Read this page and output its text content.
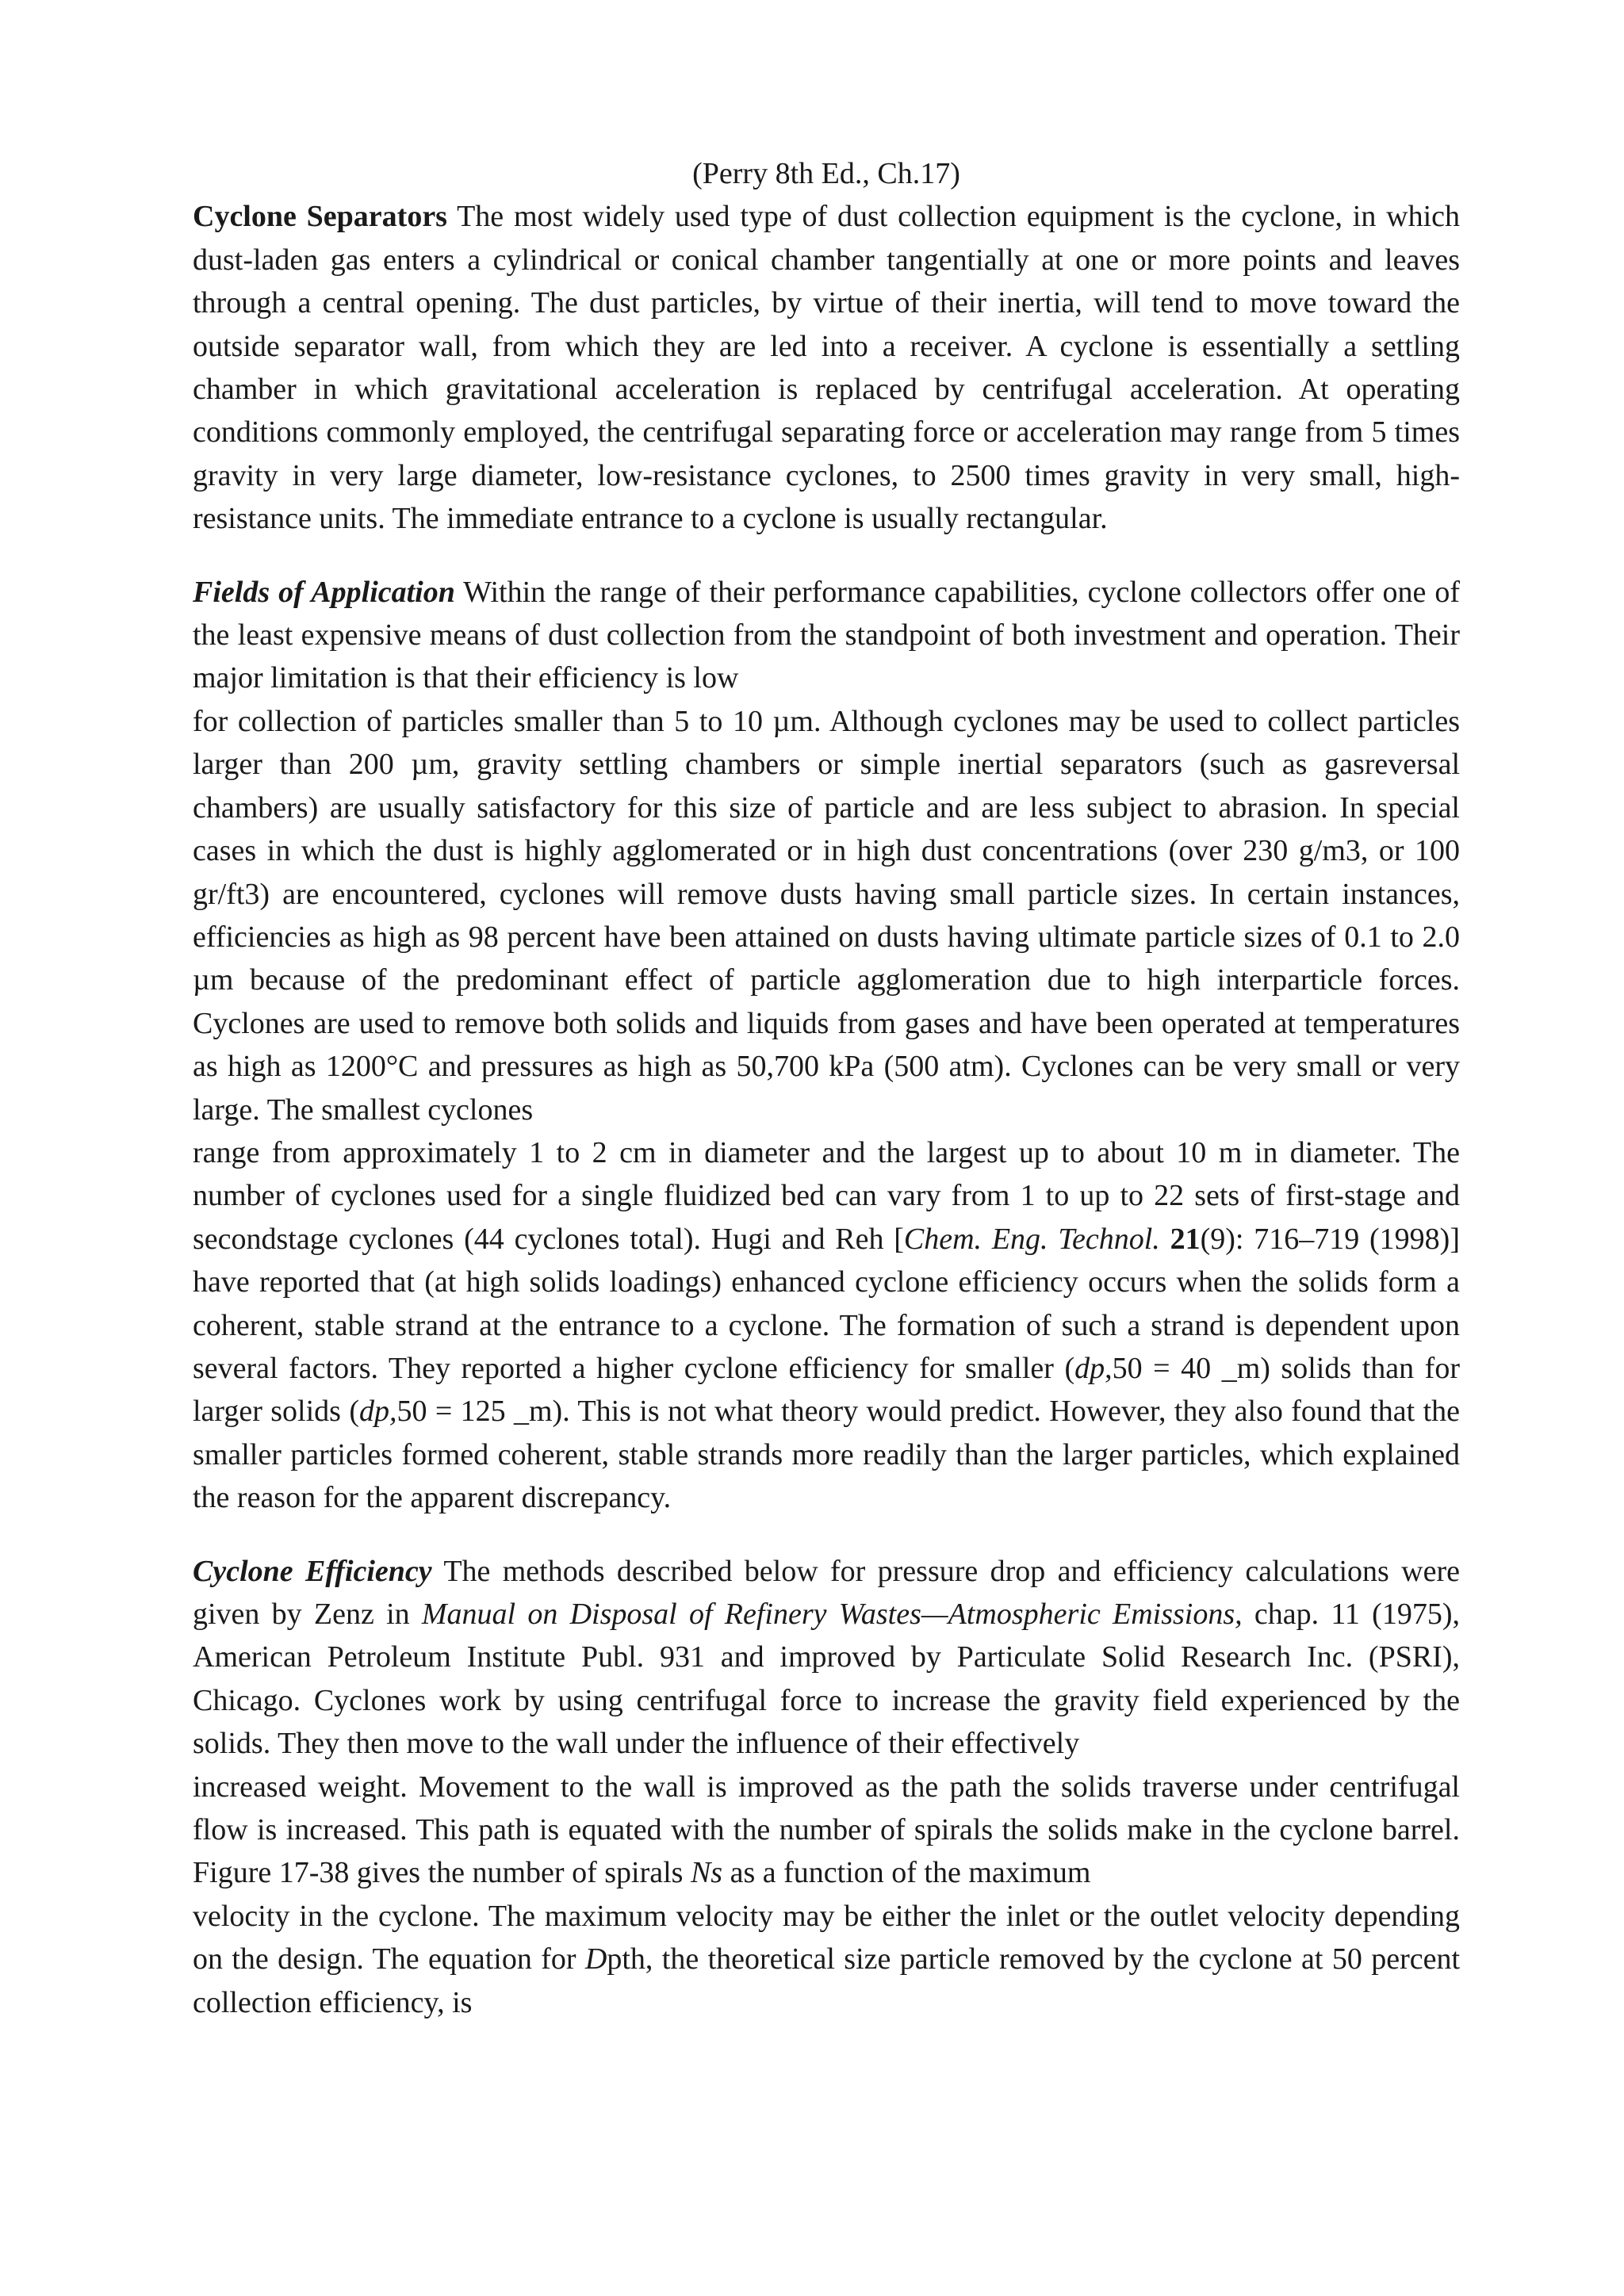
(Perry 8th Ed., Ch.17)

Cyclone Separators The most widely used type of dust collection equipment is the cyclone, in which dust-laden gas enters a cylindrical or conical chamber tangentially at one or more points and leaves through a central opening. The dust particles, by virtue of their inertia, will tend to move toward the outside separator wall, from which they are led into a receiver. A cyclone is essentially a settling chamber in which gravitational acceleration is replaced by centrifugal acceleration. At operating conditions commonly employed, the centrifugal separating force or acceleration may range from 5 times gravity in very large diameter, low-resistance cyclones, to 2500 times gravity in very small, high-resistance units. The immediate entrance to a cyclone is usually rectangular.

Fields of Application Within the range of their performance capabilities, cyclone collectors offer one of the least expensive means of dust collection from the standpoint of both investment and operation. Their major limitation is that their efficiency is low

for collection of particles smaller than 5 to 10 µm. Although cyclones may be used to collect particles larger than 200 µm, gravity settling chambers or simple inertial separators (such as gasreversal chambers) are usually satisfactory for this size of particle and are less subject to abrasion. In special cases in which the dust is highly agglomerated or in high dust concentrations (over 230 g/m3, or 100 gr/ft3) are encountered, cyclones will remove dusts having small particle sizes. In certain instances, efficiencies as high as 98 percent have been attained on dusts having ultimate particle sizes of 0.1 to 2.0 µm because of the predominant effect of particle agglomeration due to high interparticle forces. Cyclones are used to remove both solids and liquids from gases and have been operated at temperatures as high as 1200°C and pressures as high as 50,700 kPa (500 atm). Cyclones can be very small or very large. The smallest cyclones

range from approximately 1 to 2 cm in diameter and the largest up to about 10 m in diameter. The number of cyclones used for a single fluidized bed can vary from 1 to up to 22 sets of first-stage and secondstage cyclones (44 cyclones total). Hugi and Reh [Chem. Eng. Technol. 21(9): 716–719 (1998)] have reported that (at high solids loadings) enhanced cyclone efficiency occurs when the solids form a coherent, stable strand at the entrance to a cyclone. The formation of such a strand is dependent upon several factors. They reported a higher cyclone efficiency for smaller (dp,50 = 40 _m) solids than for larger solids (dp,50 = 125 _m). This is not what theory would predict. However, they also found that the smaller particles formed coherent, stable strands more readily than the larger particles, which explained the reason for the apparent discrepancy.

Cyclone Efficiency The methods described below for pressure drop and efficiency calculations were given by Zenz in Manual on Disposal of Refinery Wastes—Atmospheric Emissions, chap. 11 (1975), American Petroleum Institute Publ. 931 and improved by Particulate Solid Research Inc. (PSRI), Chicago. Cyclones work by using centrifugal force to increase the gravity field experienced by the solids. They then move to the wall under the influence of their effectively

increased weight. Movement to the wall is improved as the path the solids traverse under centrifugal flow is increased. This path is equated with the number of spirals the solids make in the cyclone barrel. Figure 17-38 gives the number of spirals Ns as a function of the maximum

velocity in the cyclone. The maximum velocity may be either the inlet or the outlet velocity depending on the design. The equation for Dpth, the theoretical size particle removed by the cyclone at 50 percent collection efficiency, is
